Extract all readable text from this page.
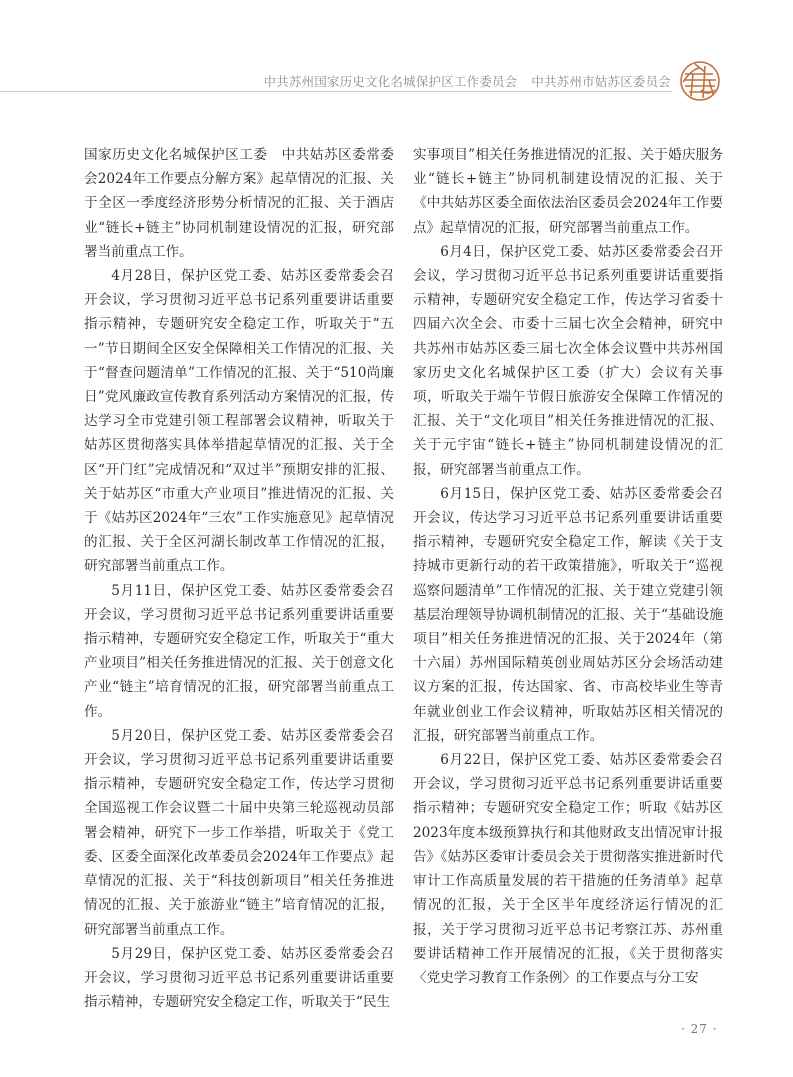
中共苏州国家历史文化名城保护区工作委员会 中共苏州市姑苏区委员会

国家历史文化名城保护区工委　中共姑苏区委常委会2024年工作要点分解方案》起草情况的汇报、关于全区一季度经济形势分析情况的汇报、关于酒店业“链长+链主”协同机制建设情况的汇报，研究部署当前重点工作。

4月28日，保护区党工委、姑苏区委常委会召开会议，学习贯彻习近平总书记系列重要讲话重要指示精神，专题研究安全稳定工作，听取关于“五一”节日期间全区安全保障相关工作情况的汇报、关于“督查问题清单”工作情况的汇报、关于“510尚廉日”党风廉政宣传教育系列活动方案情况的汇报，传达学习全市党建引领工程部署会议精神，听取关于姑苏区贯彻落实具体举措起草情况的汇报、关于全区“开门红”完成情况和“双过半”预期安排的汇报、关于姑苏区“市重大产业项目”推进情况的汇报、关于《姑苏区2024年“三农”工作实施意见》起草情况的汇报、关于全区河湖长制改革工作情况的汇报，研究部署当前重点工作。

5月11日，保护区党工委、姑苏区委常委会召开会议，学习贯彻习近平总书记系列重要讲话重要指示精神，专题研究安全稳定工作，听取关于“重大产业项目”相关任务推进情况的汇报、关于创意文化产业“链主”培育情况的汇报，研究部署当前重点工作。

5月20日，保护区党工委、姑苏区委常委会召开会议，学习贯彻习近平总书记系列重要讲话重要指示精神，专题研究安全稳定工作，传达学习贯彻全国巡视工作会议暨二十届中央第三轮巡视动员部署会精神，研究下一步工作举措，听取关于《党工委、区委全面深化改革委员会2024年工作要点》起草情况的汇报、关于“科技创新项目”相关任务推进情况的汇报、关于旅游业“链主”培育情况的汇报，研究部署当前重点工作。

5月29日，保护区党工委、姑苏区委常委会召开会议，学习贯彻习近平总书记系列重要讲话重要指示精神，专题研究安全稳定工作，听取关于“民生

实事项目”相关任务推进情况的汇报、关于婚庆服务业“链长+链主”协同机制建设情况的汇报、关于《中共姑苏区委全面依法治区委员会2024年工作要点》起草情况的汇报，研究部署当前重点工作。

6月4日，保护区党工委、姑苏区委常委会召开会议，学习贯彻习近平总书记系列重要讲话重要指示精神，专题研究安全稳定工作，传达学习省委十四届六次全会、市委十三届七次全会精神，研究中共苏州市姑苏区委三届七次全体会议暨中共苏州国家历史文化名城保护区工委（扩大）会议有关事项，听取关于端午节假日旅游安全保障工作情况的汇报、关于“文化项目”相关任务推进情况的汇报、关于元宇宙“链长+链主”协同机制建设情况的汇报，研究部署当前重点工作。

6月15日，保护区党工委、姑苏区委常委会召开会议，传达学习习近平总书记系列重要讲话重要指示精神，专题研究安全稳定工作，解读《关于支持城市更新行动的若干政策措施》，听取关于“巡视巡察问题清单”工作情况的汇报、关于建立党建引领基层治理领导协调机制情况的汇报、关于“基础设施项目”相关任务推进情况的汇报、关于2024年（第十六届）苏州国际精英创业周姑苏区分会场活动建议方案的汇报，传达国家、省、市高校毕业生等青年就业创业工作会议精神，听取姑苏区相关情况的汇报，研究部署当前重点工作。

6月22日，保护区党工委、姑苏区委常委会召开会议，学习贯彻习近平总书记系列重要讲话重要指示精神；专题研究安全稳定工作；听取《姑苏区2023年度本级预算执行和其他财政支出情况审计报告》《姑苏区委审计委员会关于贯彻落实推进新时代审计工作高质量发展的若干措施的任务清单》起草情况的汇报，关于全区半年度经济运行情况的汇报，关于学习贯彻习近平总书记考察江苏、苏州重要讲话精神工作开展情况的汇报，《关于贯彻落实〈党史学习教育工作条例〉的工作要点与分工安

· 27 ·
